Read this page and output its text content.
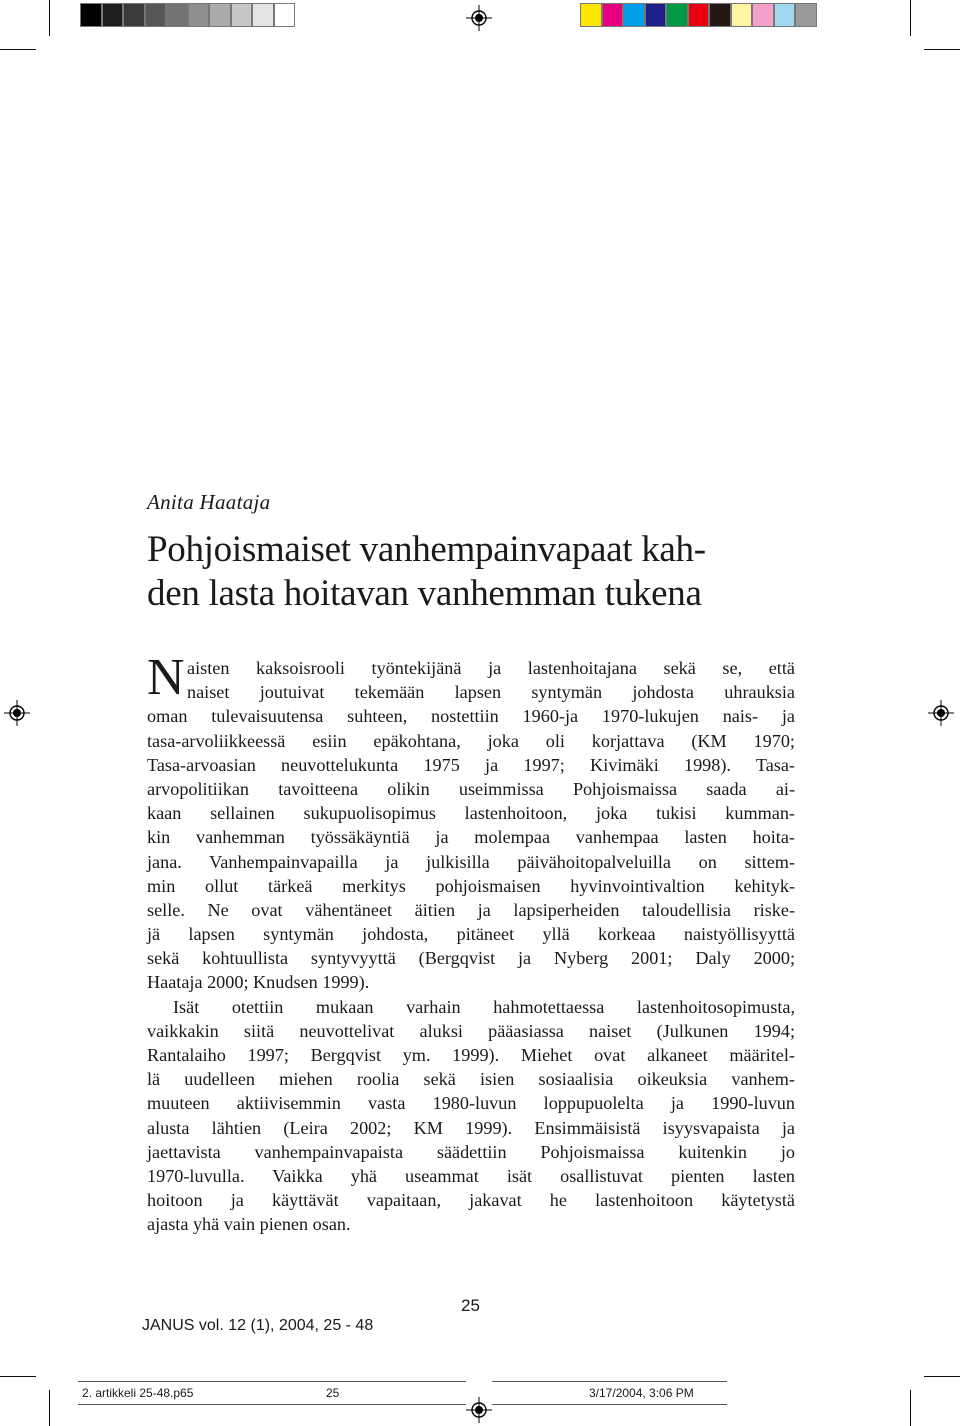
Anita Haataja
Pohjoismaiset vanhempainvapaat kah-
den lasta hoitavan vanhemman tukena
N aisten kaksoisrooli työntekijänä ja lastenhoitajana sekä se, että
naiset joutuivat tekemään lapsen syntymän johdosta uhrauksia
oman tulevaisuutensa suhteen, nostettiin 1960-ja 1970-lukujen nais- ja
tasa-arvoliikkeessä esiin epäkohtana, joka oli korjattava (KM 1970;
Tasa-arvoasian neuvottelukunta 1975 ja 1997; Kivimäki 1998). Tasa-
arvopolitiikan tavoitteena olikin useimmissa Pohjoismaissa saada ai-
kaan sellainen sukupuolisopimus lastenhoitoon, joka tukisi kumman-
kin vanhemman työssäkäyntiä ja molempaa vanhempaa lasten hoita-
jana. Vanhempainvapailla ja julkisilla päivähoitopalveluilla on sittem-
min ollut tärkeä merkitys pohjoismaisen hyvinvointivaltion kehityk-
selle. Ne ovat vähentäneet äitien ja lapsiperheiden taloudellisia riske-
jä lapsen syntymän johdosta, pitäneet yllä korkeaa naistyöllisyyttä
sekä kohtuullista syntyvyyttä (Bergqvist ja Nyberg 2001; Daly 2000;
Haataja 2000; Knudsen 1999).
Isät otettiin mukaan varhain hahmotettaessa lastenhoitosopimusta,
vaikkakin siitä neuvottelivat aluksi pääasiassa naiset (Julkunen 1994;
Rantalaiho 1997; Bergqvist ym. 1999). Miehet ovat alkaneet määritel-
lä uudelleen miehen roolia sekä isien sosiaalisia oikeuksia vanhem-
muuteen aktiivisemmin vasta 1980-luvun loppupuolelta ja 1990-luvun
alusta lähtien (Leira 2002; KM 1999). Ensimmäisistä isyysvapaista ja
jaettavista vanhempainvapaista säädettiin Pohjoismaissa kuitenkin jo
1970-luvulla. Vaikka yhä useammat isät osallistuvat pienten lasten
hoitoon ja käyttävät vapaitaan, jakavat he lastenhoitoon käytetystä
ajasta yhä vain pienen osan.
25
JANUS vol. 12 (1), 2004, 25 - 48
2. artikkeli 25-48.p65	25	3/17/2004, 3:06 PM
